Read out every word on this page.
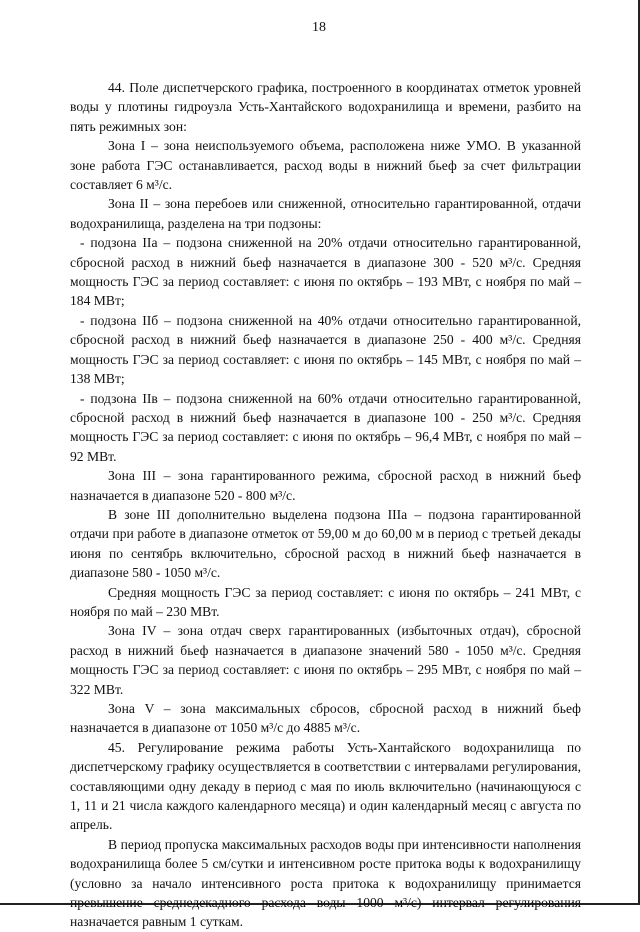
18

44. Поле диспетчерского графика, построенного в координатах отметок уровней воды у плотины гидроузла Усть-Хантайского водохранилища и времени, разбито на пять режимных зон:

Зона I – зона неиспользуемого объема, расположена ниже УМО. В указанной зоне работа ГЭС останавливается, расход воды в нижний бьеф за счет фильтрации составляет 6 м³/с.

Зона II – зона перебоев или сниженной, относительно гарантированной, отдачи водохранилища, разделена на три подзоны:

- подзона IIа – подзона сниженной на 20% отдачи относительно гарантированной, сбросной расход в нижний бьеф назначается в диапазоне 300 - 520 м³/с. Средняя мощность ГЭС за период составляет: с июня по октябрь – 193 МВт, с ноября по май – 184 МВт;

- подзона IIб – подзона сниженной на 40% отдачи относительно гарантированной, сбросной расход в нижний бьеф назначается в диапазоне 250 - 400 м³/с. Средняя мощность ГЭС за период составляет: с июня по октябрь – 145 МВт, с ноября по май – 138 МВт;

- подзона IIв – подзона сниженной на 60% отдачи относительно гарантированной, сбросной расход в нижний бьеф назначается в диапазоне 100 - 250 м³/с. Средняя мощность ГЭС за период составляет: с июня по октябрь – 96,4 МВт, с ноября по май – 92 МВт.

Зона III – зона гарантированного режима, сбросной расход в нижний бьеф назначается в диапазоне 520 - 800 м³/с.

В зоне III дополнительно выделена подзона IIIа – подзона гарантированной отдачи при работе в диапазоне отметок от 59,00 м до 60,00 м в период с третьей декады июня по сентябрь включительно, сбросной расход в нижний бьеф назначается в диапазоне 580 - 1050 м³/с.

Средняя мощность ГЭС за период составляет: с июня по октябрь – 241 МВт, с ноября по май – 230 МВт.

Зона IV – зона отдач сверх гарантированных (избыточных отдач), сбросной расход в нижний бьеф назначается в диапазоне значений 580 - 1050 м³/с. Средняя мощность ГЭС за период составляет: с июня по октябрь – 295 МВт, с ноября по май – 322 МВт.

Зона V – зона максимальных сбросов, сбросной расход в нижний бьеф назначается в диапазоне от 1050 м³/с до 4885 м³/с.

45. Регулирование режима работы Усть-Хантайского водохранилища по диспетчерскому графику осуществляется в соответствии с интервалами регулирования, составляющими одну декаду в период с мая по июль включительно (начинающуюся с 1, 11 и 21 числа каждого календарного месяца) и один календарный месяц с августа по апрель.

В период пропуска максимальных расходов воды при интенсивности наполнения водохранилища более 5 см/сутки и интенсивном росте притока воды к водохранилищу (условно за начало интенсивного роста притока к водохранилищу принимается превышение среднедекадного расхода воды 1000 м³/с) интервал регулирования назначается равным 1 суткам.
